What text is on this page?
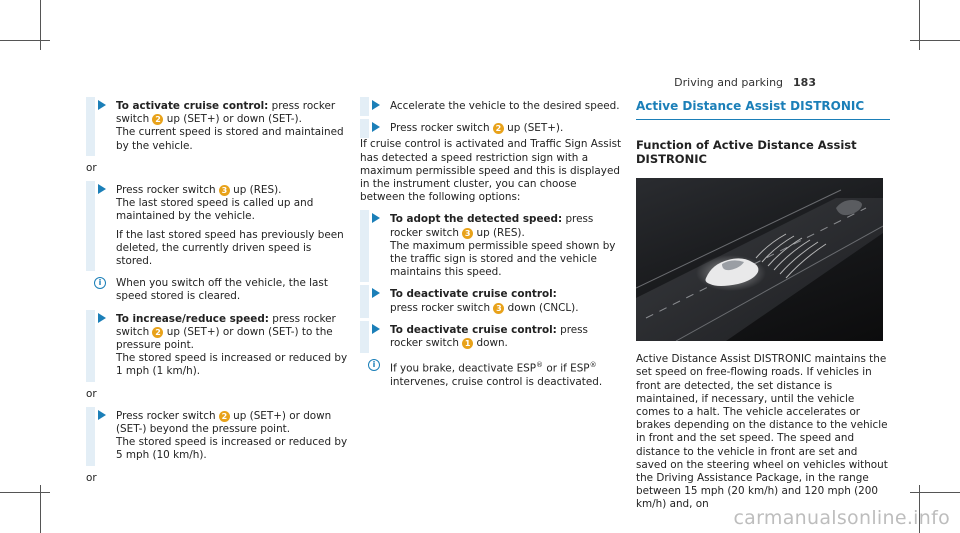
Driving and parking 183

To activate cruise control: press rocker switch 2 up (SET+) or down (SET-).

The current speed is stored and maintained by the vehicle.

or

Press rocker switch 3 up (RES).

The last stored speed is called up and maintained by the vehicle.

If the last stored speed has previously been deleted, the currently driven speed is stored.

i	When you switch off the vehicle, the last speed stored is cleared.

To increase/reduce speed: press rocker switch 2 up (SET+) or down (SET-) to the pressure point.

The stored speed is increased or reduced by 1 mph (1 km/h).

or

Press rocker switch 2 up (SET+) or down (SET-) beyond the pressure point.

The stored speed is increased or reduced by 5 mph (10 km/h).

or

Accelerate the vehicle to the desired speed.

Press rocker switch 2 up (SET+).

If cruise control is activated and Traffic Sign Assist has detected a speed restriction sign with a maximum permissible speed and this is displayed in the instrument cluster, you can choose between the following options:

To adopt the detected speed: press rocker switch 3 up (RES).

The maximum permissible speed shown by the traffic sign is stored and the vehicle maintains this speed.

To deactivate cruise control:

press rocker switch 3 down (CNCL).

To deactivate cruise control: press rocker switch 1 down.

i	If you brake, deactivate ESP® or if ESP® intervenes, cruise control is deactivated.

Active Distance Assist DISTRONIC
Function of Active Distance Assist DISTRONIC

Active Distance Assist DISTRONIC maintains the set speed on free-flowing roads. If vehicles in front are detected, the set distance is maintained, if necessary, until the vehicle comes to a halt. The vehicle accelerates or brakes depending on the distance to the vehicle in front and the set speed. The speed and distance to the vehicle in front are set and saved on the steering wheel on vehicles without the Driving Assistance Package, in the range between 15 mph (20 km/h) and 120 mph (200 km/h) and, on

carmanualsonline.info
